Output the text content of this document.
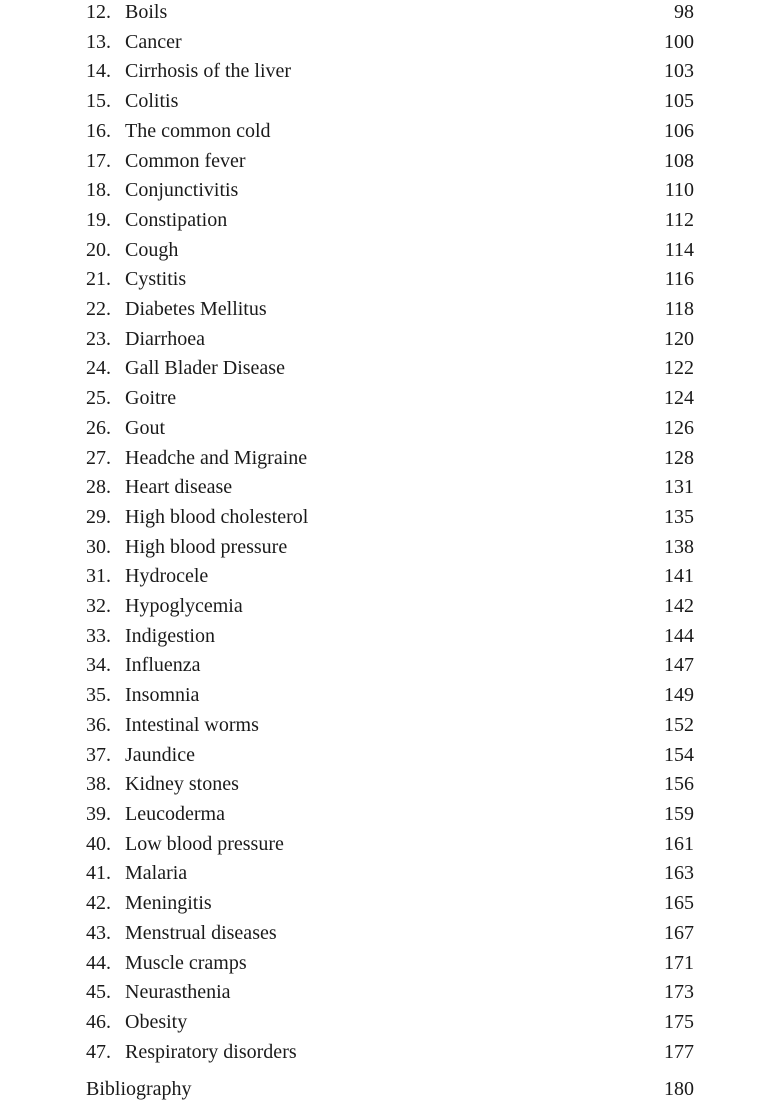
12. Boils	98
13. Cancer	100
14. Cirrhosis of the liver	103
15. Colitis	105
16. The common cold	106
17. Common fever	108
18. Conjunctivitis	110
19. Constipation	112
20. Cough	114
21. Cystitis	116
22. Diabetes Mellitus	118
23. Diarrhoea	120
24. Gall Blader Disease	122
25. Goitre	124
26. Gout	126
27. Headche and Migraine	128
28. Heart disease	131
29. High blood cholesterol	135
30. High blood pressure	138
31. Hydrocele	141
32. Hypoglycemia	142
33. Indigestion	144
34. Influenza	147
35. Insomnia	149
36. Intestinal worms	152
37. Jaundice	154
38. Kidney stones	156
39. Leucoderma	159
40. Low blood pressure	161
41. Malaria	163
42. Meningitis	165
43. Menstrual diseases	167
44. Muscle cramps	171
45. Neurasthenia	173
46. Obesity	175
47. Respiratory disorders	177
Bibliography	180
